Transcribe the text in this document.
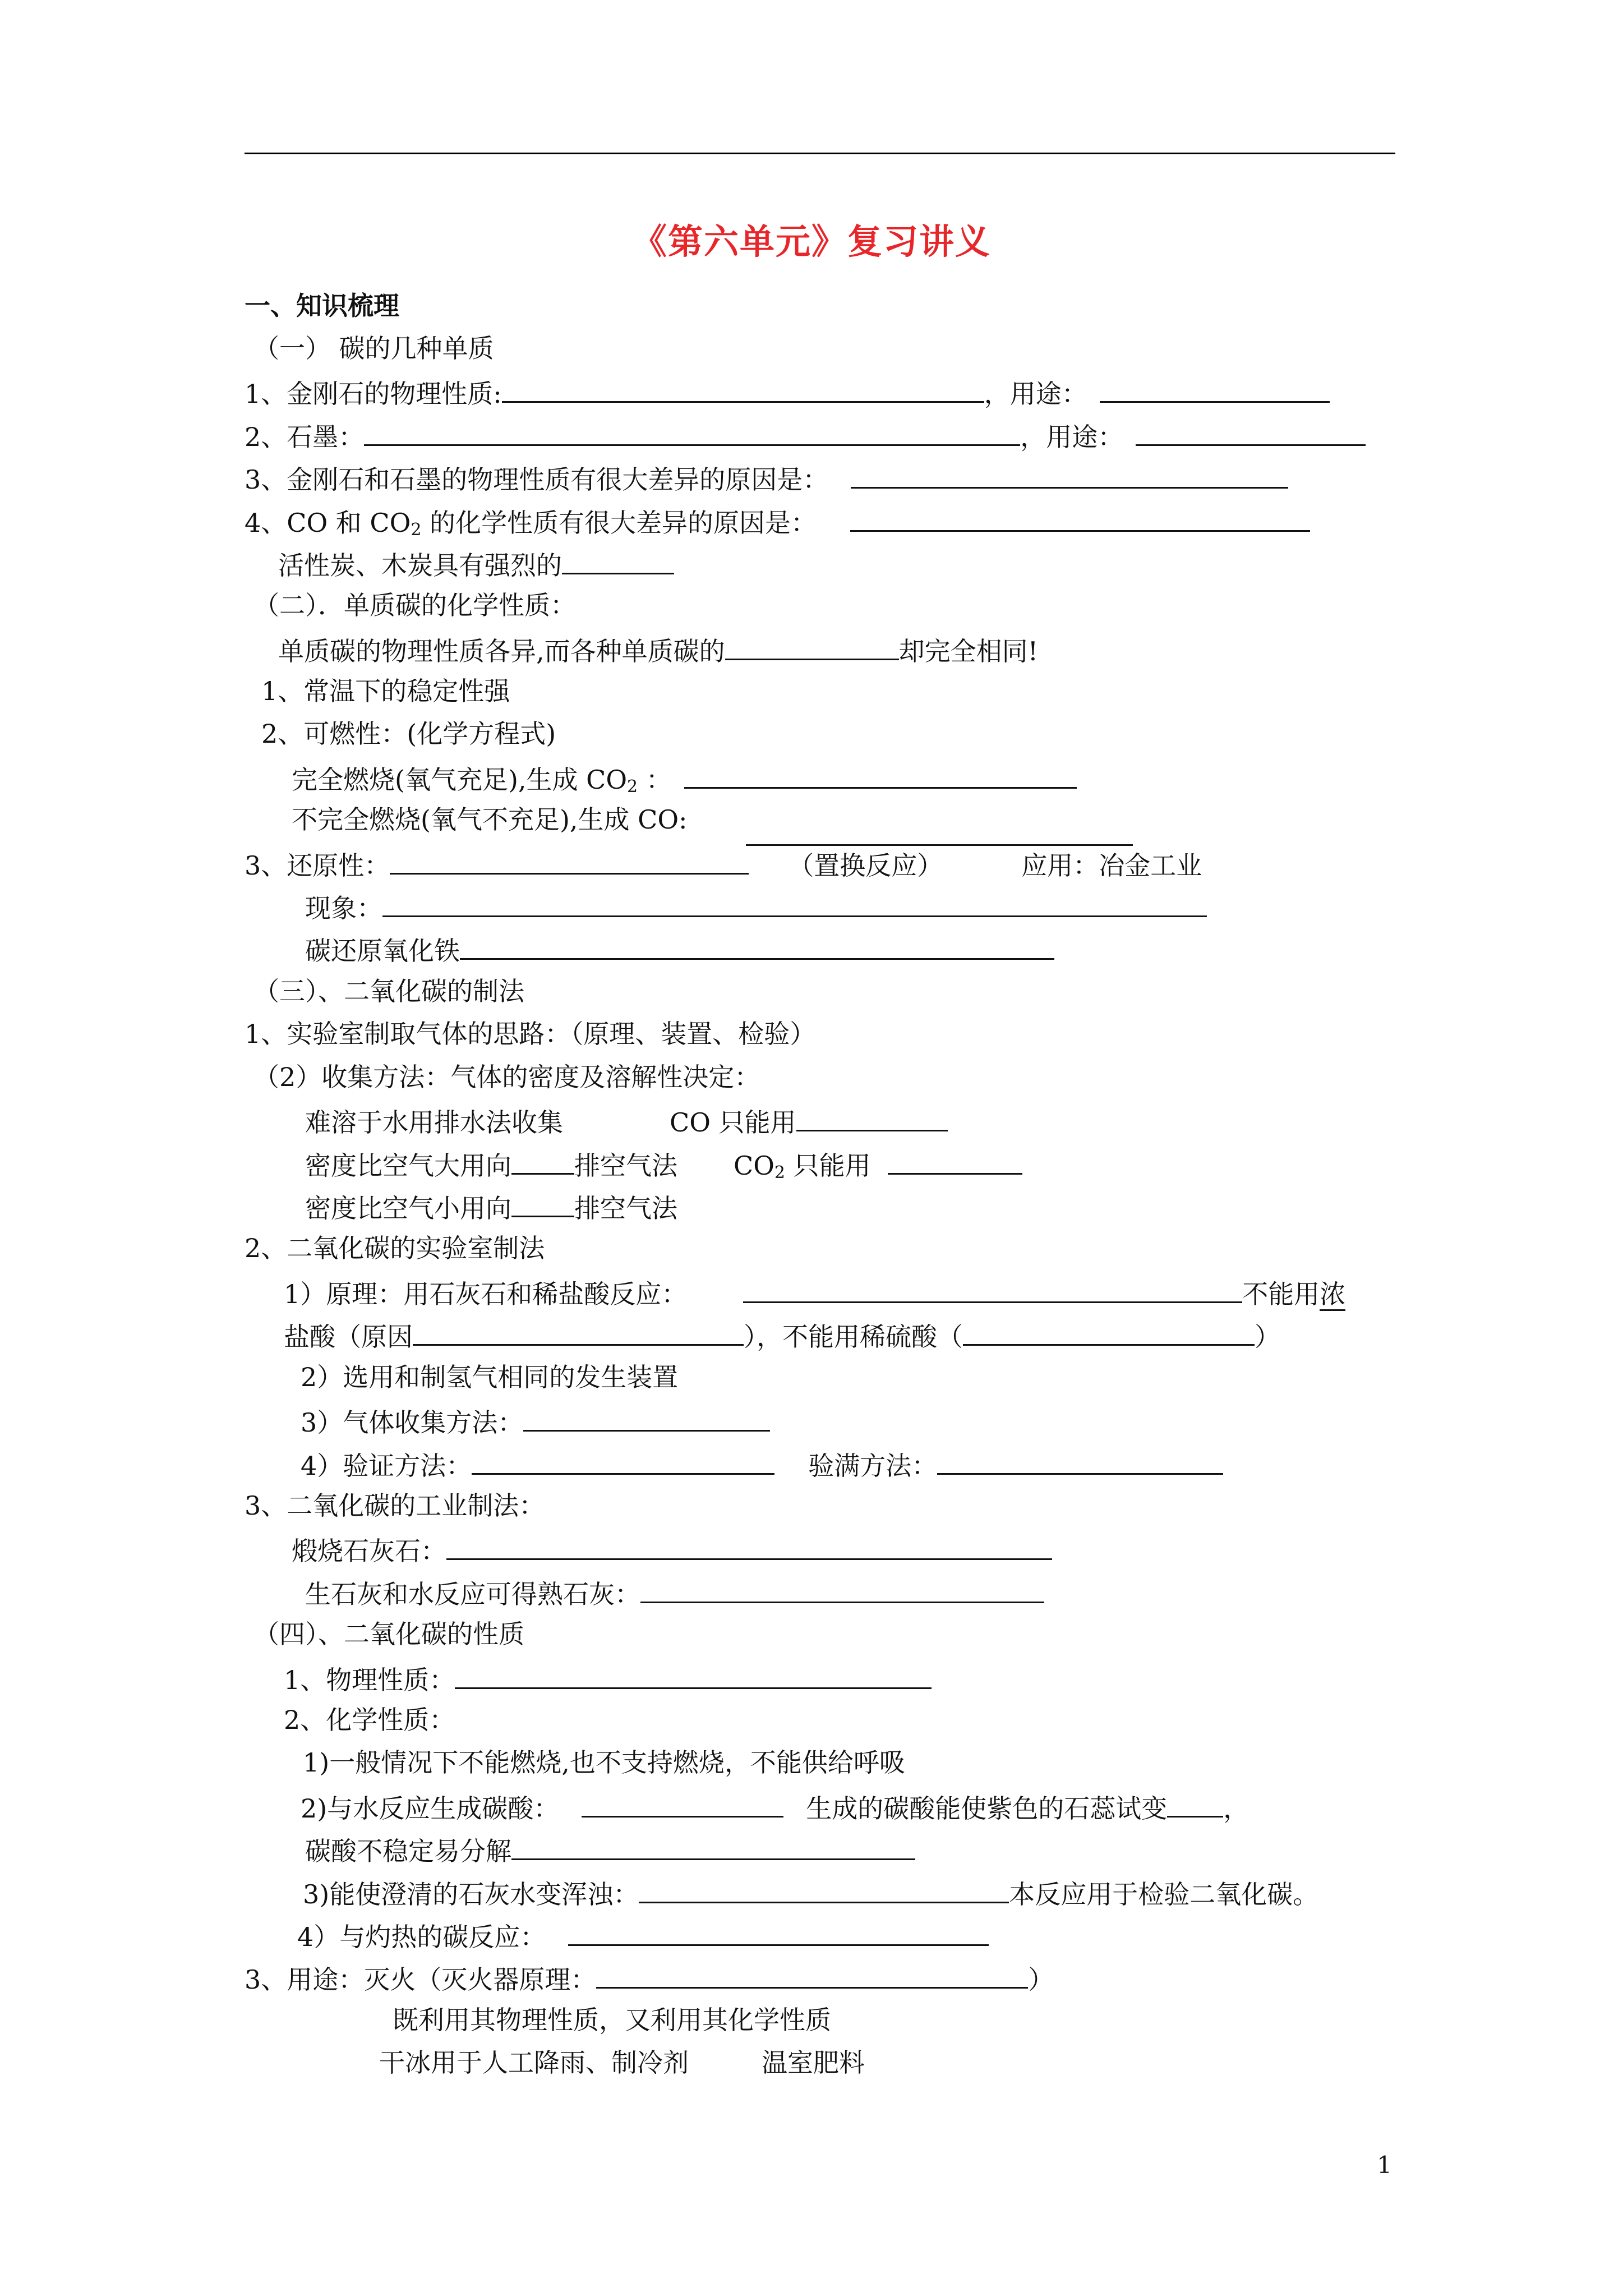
《第六单元》复习讲义
一、知识梳理
（一） 碳的几种单质
1、金刚石的物理性质:	，用途：
2、石墨：	，用途：
3、金刚石和石墨的物理性质有很大差异的原因是：
4、CO 和 $CO_2$ 的化学性质有很大差异的原因是：
活性炭、木炭具有强烈的
（二）．单质碳的化学性质：
单质碳的物理性质各异,而各种单质碳的	却完全相同!
1、常温下的稳定性强
2、可燃性：(化学方程式)
完全燃烧(氧气充足),生成 $CO_2$ ：
不完全燃烧(氧气不充足),生成 CO:
3、还原性：	（置换反应）	应用：冶金工业
现象：
碳还原氧化铁
（三）、二氧化碳的制法
1、实验室制取气体的思路：（原理、装置、检验）
（2）收集方法：气体的密度及溶解性决定：
难溶于水用排水法收集	CO 只能用
密度比空气大用向 排空气法 $CO_2$ 只能用
密度比空气小用向 排空气法
2、二氧化碳的实验室制法
1）原理：用石灰石和稀盐酸反应：	不能用浓
盐酸（原因	），不能用稀硫酸（	）
2）选用和制氢气相同的发生装置
3）气体收集方法：
4）验证方法：	验满方法：
3、二氧化碳的工业制法：
煅烧石灰石：
生石灰和水反应可得熟石灰：
（四）、二氧化碳的性质
1、物理性质：
2、化学性质：
1)一般情况下不能燃烧,也不支持燃烧，不能供给呼吸
2)与水反应生成碳酸：	生成的碳酸能使紫色的石蕊试变 ，
碳酸不稳定易分解
3)能使澄清的石灰水变浑浊：	本反应用于检验二氧化碳。
4）与灼热的碳反应：
3、用途：灭火（灭火器原理：	）
既利用其物理性质，又利用其化学性质
干冰用于人工降雨、制冷剂	温室肥料
1
